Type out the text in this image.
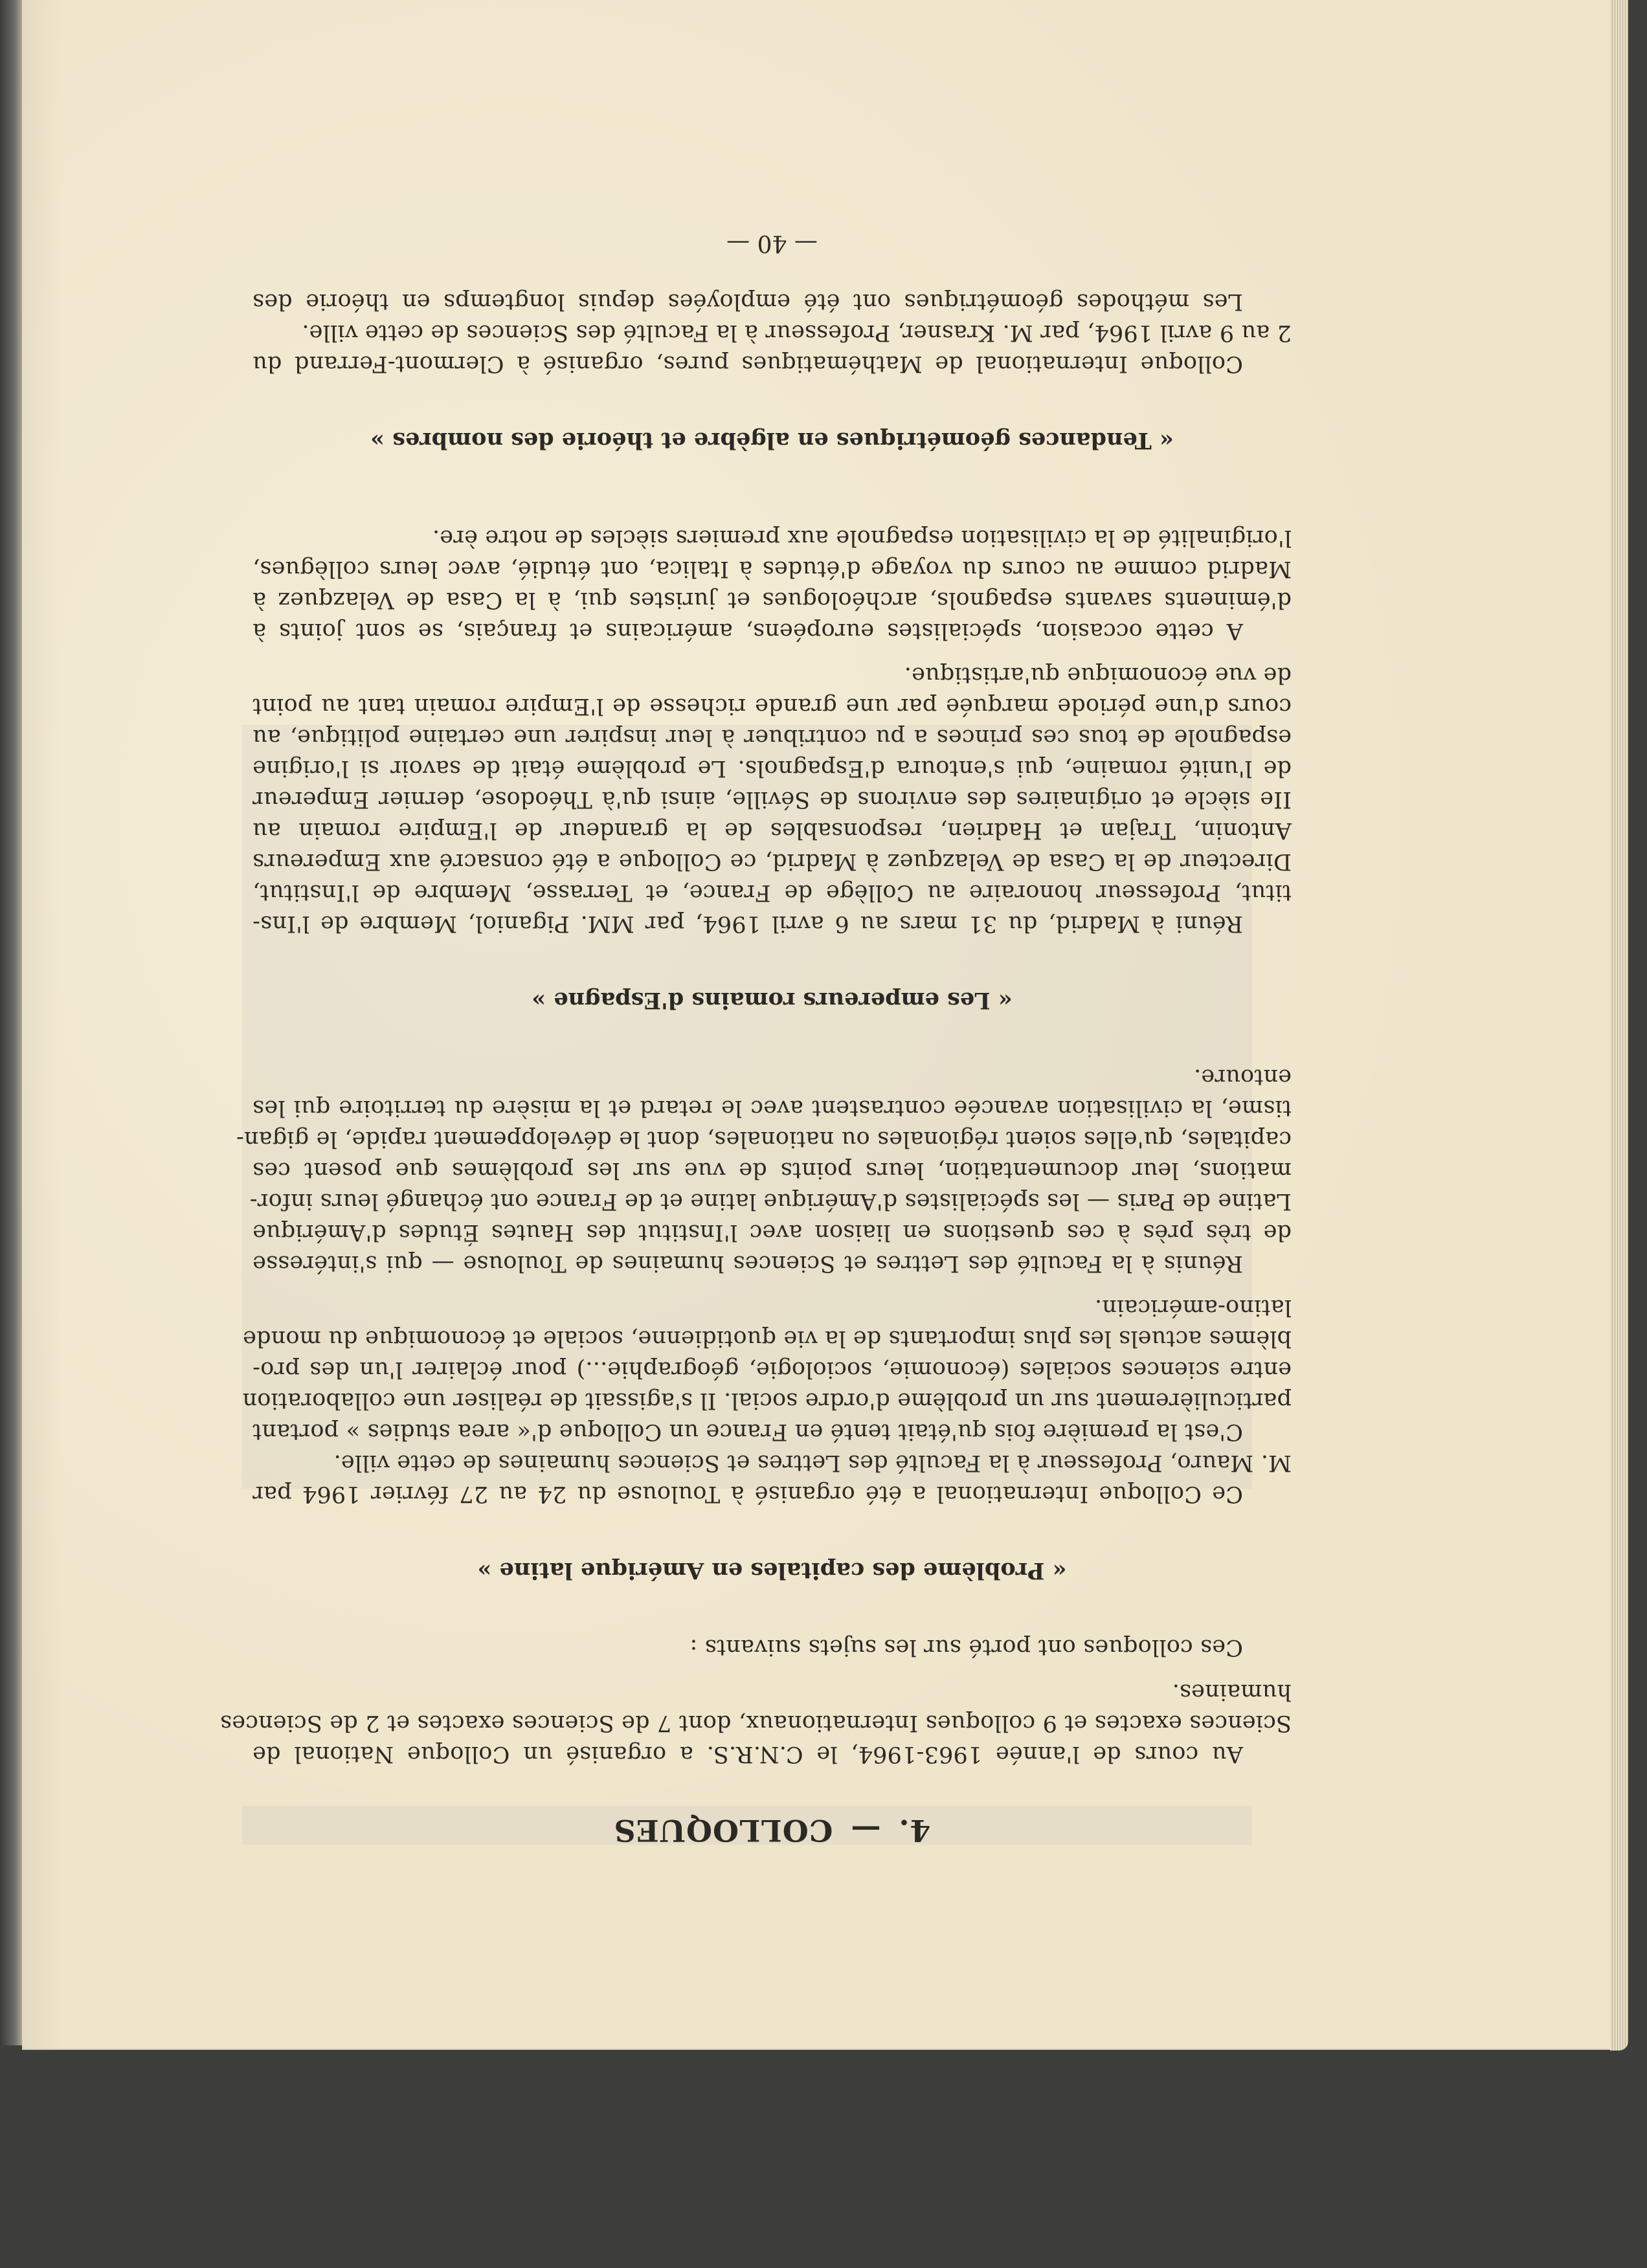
4. — COLLOQUES
Au cours de l'année 1963-1964, le C.N.R.S. a organisé un Colloque National de
Sciences exactes et 9 colloques Internationaux, dont 7 de Sciences exactes et 2 de Sciences
humaines.
Ces colloques ont porté sur les sujets suivants :
« Problème des capitales en Amérique latine »
Ce Colloque International a été organisé à Toulouse du 24 au 27 février 1964 par
M. Mauro, Professeur à la Faculté des Lettres et Sciences humaines de cette ville.
C'est la première fois qu'était tenté en France un Colloque d'« area studies » portant
particulièrement sur un problème d'ordre social. Il s'agissait de réaliser une collaboration
entre sciences sociales (économie, sociologie, géographie...) pour éclairer l'un des pro-
blèmes actuels les plus importants de la vie quotidienne, sociale et économique du monde
latino-américain.
Réunis à la Faculté des Lettres et Sciences humaines de Toulouse — qui s'intéresse
de très près à ces questions en liaison avec l'Institut des Hautes Études d'Amérique
Latine de Paris — les spécialistes d'Amérique latine et de France ont échangé leurs infor-
mations, leur documentation, leurs points de vue sur les problèmes que posent ces
capitales, qu'elles soient régionales ou nationales, dont le développement rapide, le gigan-
tisme, la civilisation avancée contrastent avec le retard et la misère du territoire qui les
entoure.
« Les empereurs romains d'Espagne »
Réuni à Madrid, du 31 mars au 6 avril 1964, par MM. Piganiol, Membre de l'Ins-
titut, Professeur honoraire au Collège de France, et Terrasse, Membre de l'Institut,
Directeur de la Casa de Velazquez à Madrid, ce Colloque a été consacré aux Empereurs
Antonin, Trajan et Hadrien, responsables de la grandeur de l'Empire romain au
IIe siècle et originaires des environs de Séville, ainsi qu'à Théodose, dernier Empereur
de l'unité romaine, qui s'entoura d'Espagnols. Le problème était de savoir si l'origine
espagnole de tous ces princes a pu contribuer à leur inspirer une certaine politique, au
cours d'une période marquée par une grande richesse de l'Empire romain tant au point
de vue économique qu'artistique.
A cette occasion, spécialistes européens, américains et français, se sont joints à
d'éminents savants espagnols, archéologues et juristes qui, à la Casa de Velazquez à
Madrid comme au cours du voyage d'études à Italica, ont étudié, avec leurs collègues,
l'originalité de la civilisation espagnole aux premiers siècles de notre ère.
« Tendances géométriques en algèbre et théorie des nombres »
Colloque International de Mathématiques pures, organisé à Clermont-Ferrand du
2 au 9 avril 1964, par M. Krasner, Professeur à la Faculté des Sciences de cette ville.
Les méthodes géométriques ont été employées depuis longtemps en théorie des
— 40 —
